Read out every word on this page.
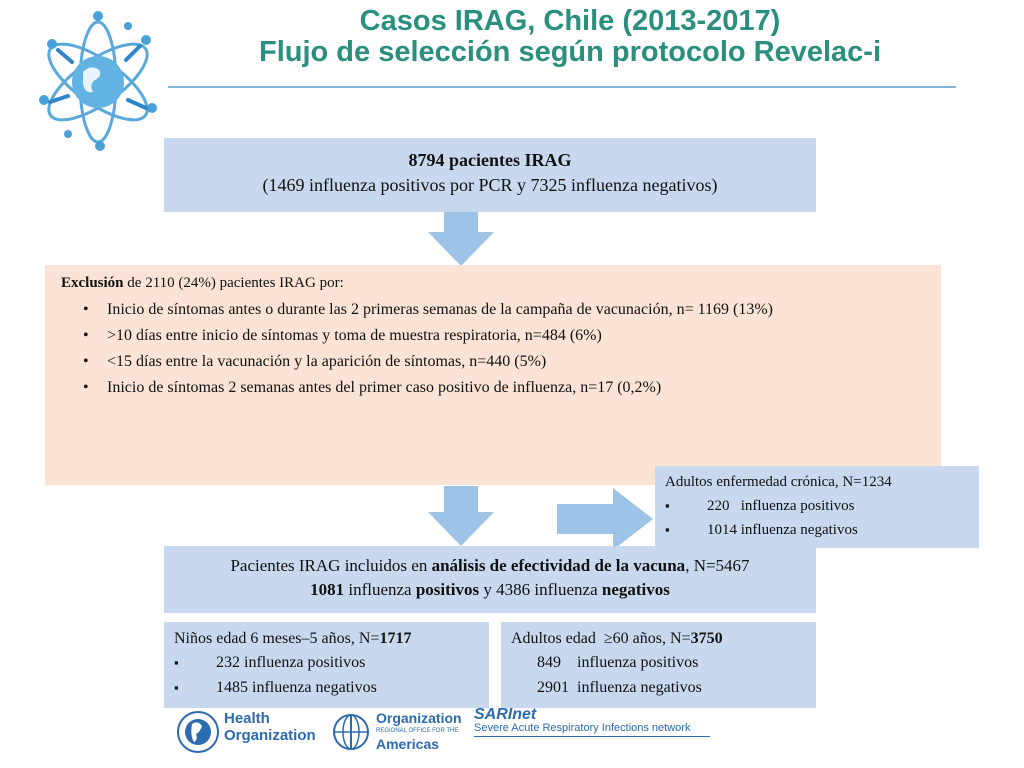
Casos IRAG, Chile (2013-2017)
Flujo de selección según protocolo Revelac-i
8794 pacientes IRAG
(1469 influenza positivos por PCR y 7325 influenza negativos)
Exclusión de 2110 (24%) pacientes IRAG por:
• Inicio de síntomas antes o durante las 2 primeras semanas de la campaña de vacunación, n= 1169 (13%)
• >10 días entre inicio de síntomas y toma de muestra respiratoria, n=484 (6%)
• <15 días entre la vacunación y la aparición de síntomas, n=440 (5%)
• Inicio de síntomas 2 semanas antes del primer caso positivo de influenza, n=17 (0,2%)
Adultos enfermedad crónica, N=1234
▪ 220   influenza positivos
▪ 1014 influenza negativos
Pacientes IRAG incluidos en análisis de efectividad de la vacuna, N=5467
1081 influenza positivos y 4386 influenza negativos
Niños edad 6 meses–5 años, N=1717
▪ 232 influenza positivos
▪ 1485 influenza negativos
Adultos edad  ≥60 años, N=3750
849    influenza positivos
2901  influenza negativos
Health
Organization
Organization
REGIONAL OFFICE FOR THE
Americas
SARInet
Severe Acute Respiratory Infections network
